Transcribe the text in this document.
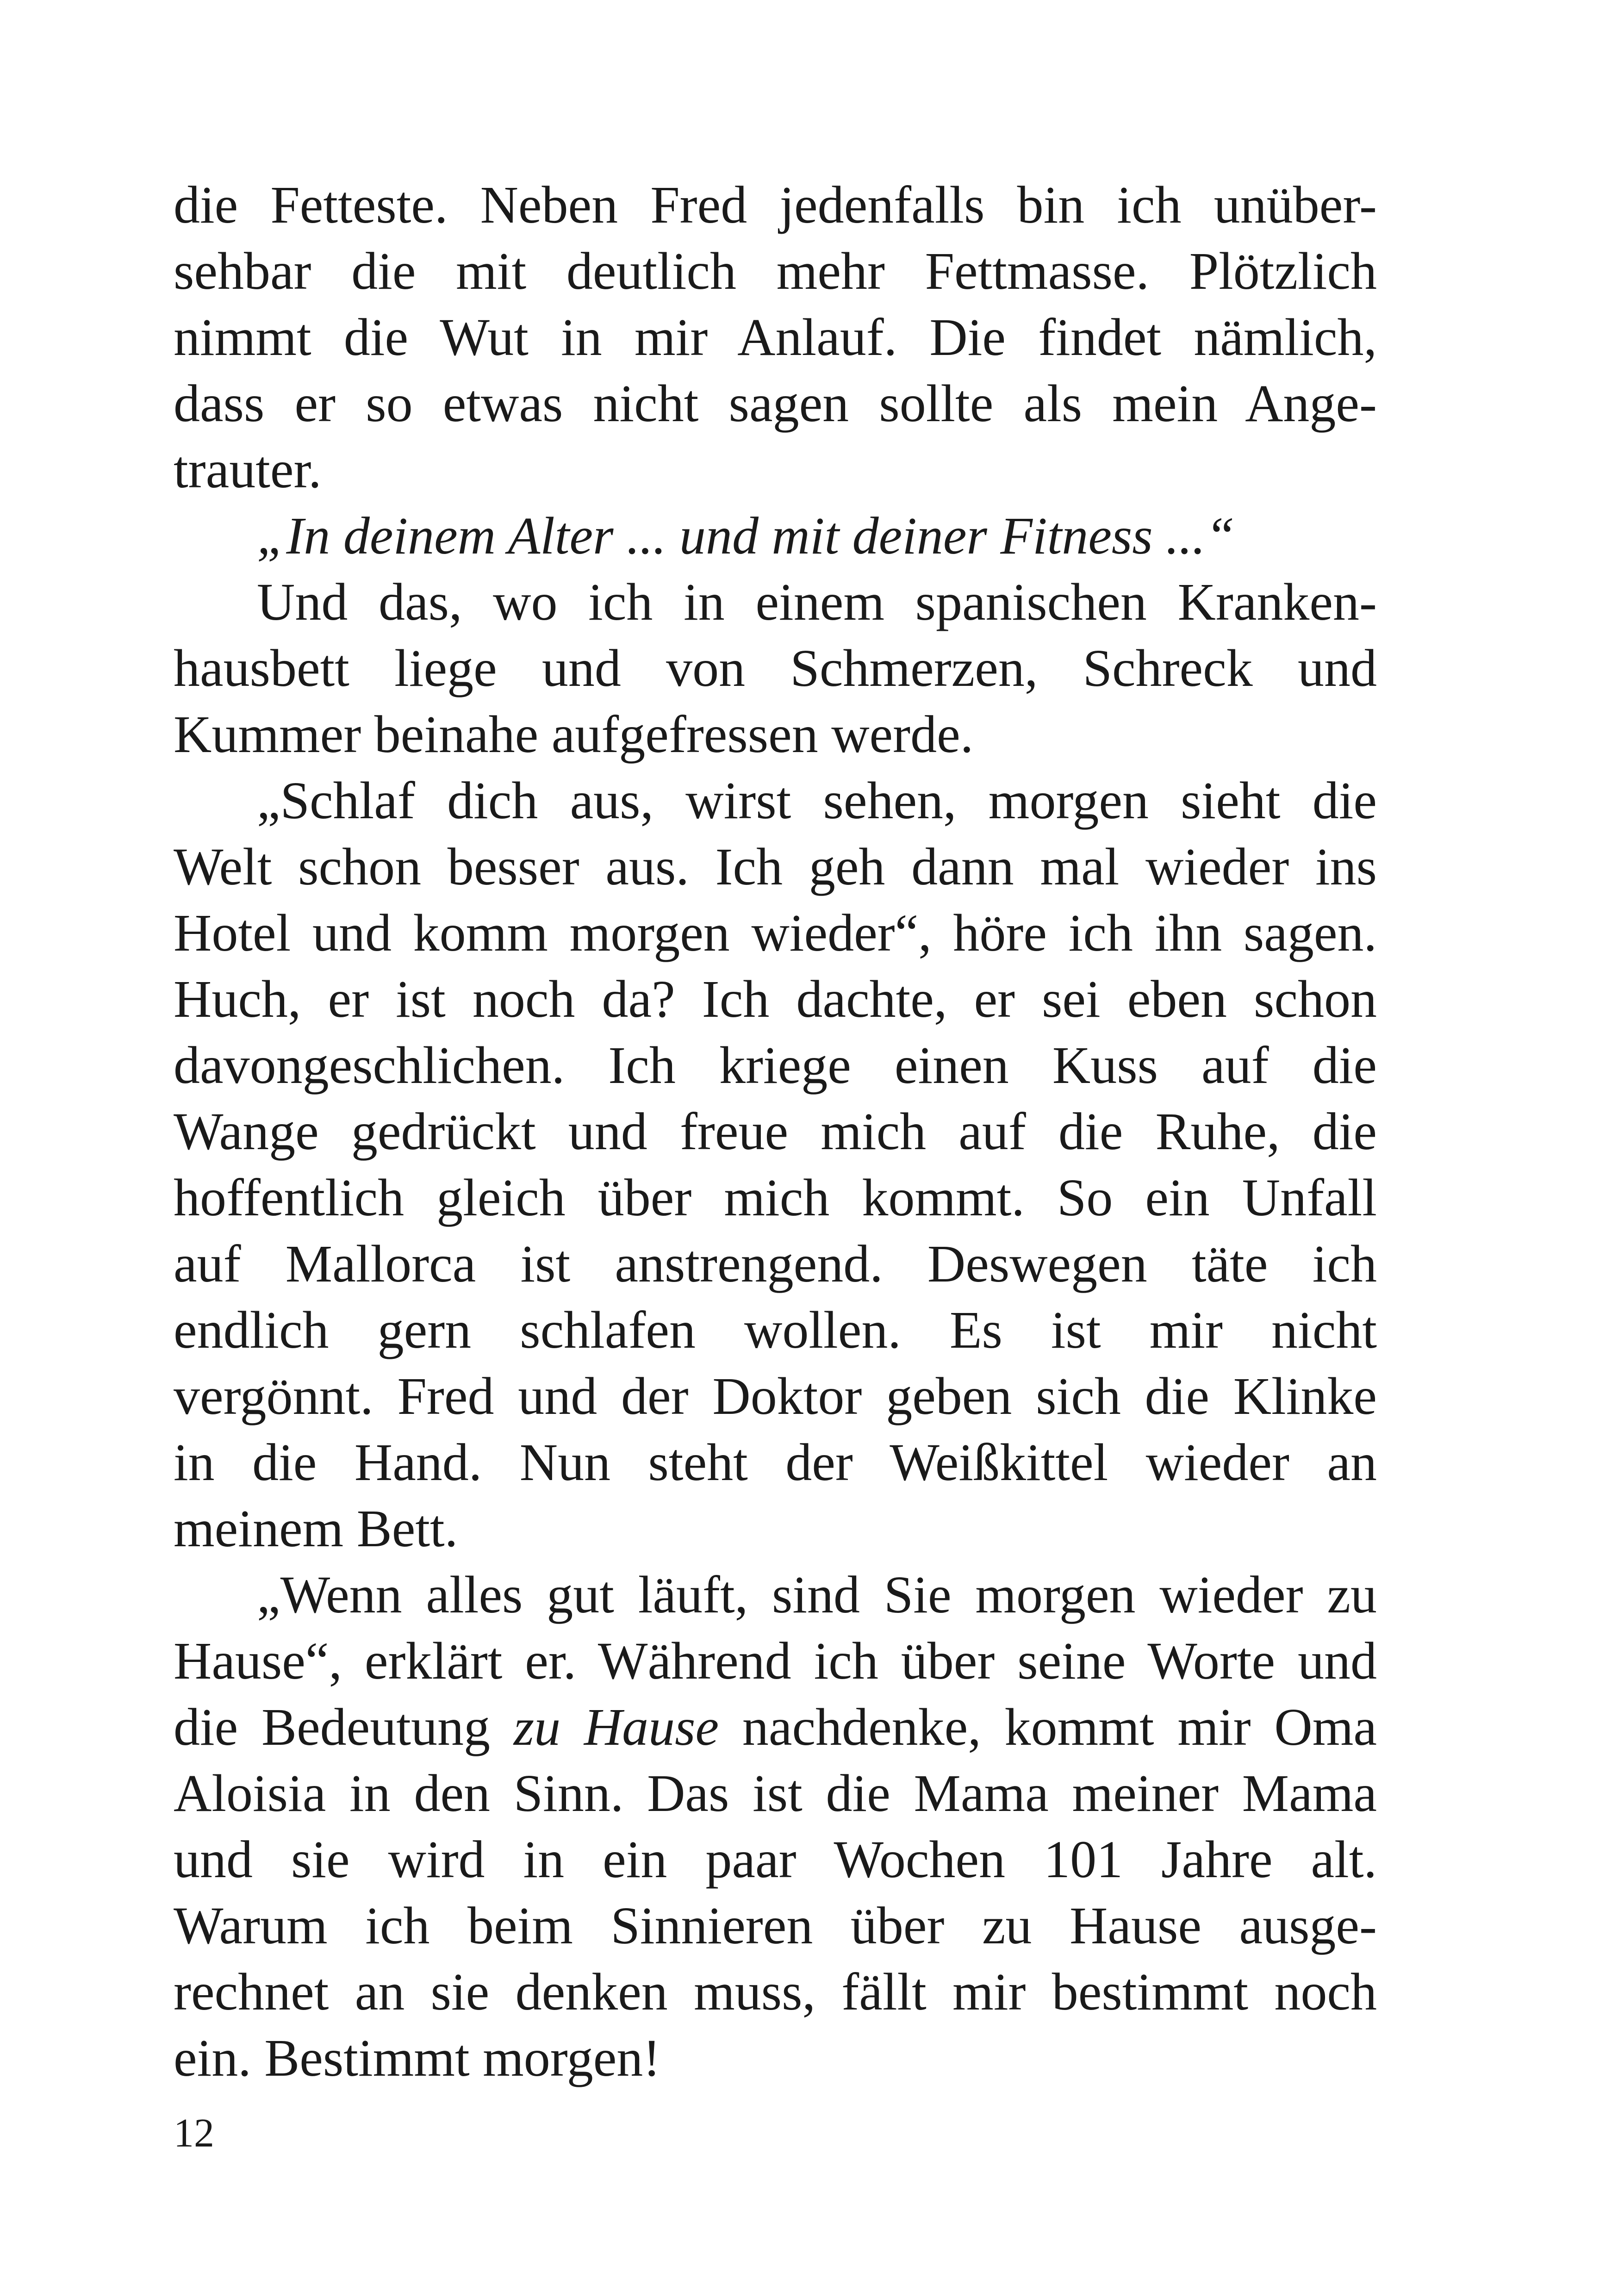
die Fetteste. Neben Fred jedenfalls bin ich unüber-
sehbar die mit deutlich mehr Fettmasse. Plötzlich
nimmt die Wut in mir Anlauf. Die findet nämlich,
dass er so etwas nicht sagen sollte als mein Ange-
trauter.
„In deinem Alter ... und mit deiner Fitness ...“
Und das, wo ich in einem spanischen Kranken-
hausbett liege und von Schmerzen, Schreck und
Kummer beinahe aufgefressen werde.
„Schlaf dich aus, wirst sehen, morgen sieht die
Welt schon besser aus. Ich geh dann mal wieder ins
Hotel und komm morgen wieder“, höre ich ihn sagen.
Huch, er ist noch da? Ich dachte, er sei eben schon
davongeschlichen. Ich kriege einen Kuss auf die
Wange gedrückt und freue mich auf die Ruhe, die
hoffentlich gleich über mich kommt. So ein Unfall
auf Mallorca ist anstrengend. Deswegen täte ich
endlich gern schlafen wollen. Es ist mir nicht
vergönnt. Fred und der Doktor geben sich die Klinke
in die Hand. Nun steht der Weißkittel wieder an
meinem Bett.
„Wenn alles gut läuft, sind Sie morgen wieder zu
Hause“, erklärt er. Während ich über seine Worte und
die Bedeutung zu Hause nachdenke, kommt mir Oma
Aloisia in den Sinn. Das ist die Mama meiner Mama
und sie wird in ein paar Wochen 101 Jahre alt.
Warum ich beim Sinnieren über zu Hause ausge-
rechnet an sie denken muss, fällt mir bestimmt noch
ein. Bestimmt morgen!
12
